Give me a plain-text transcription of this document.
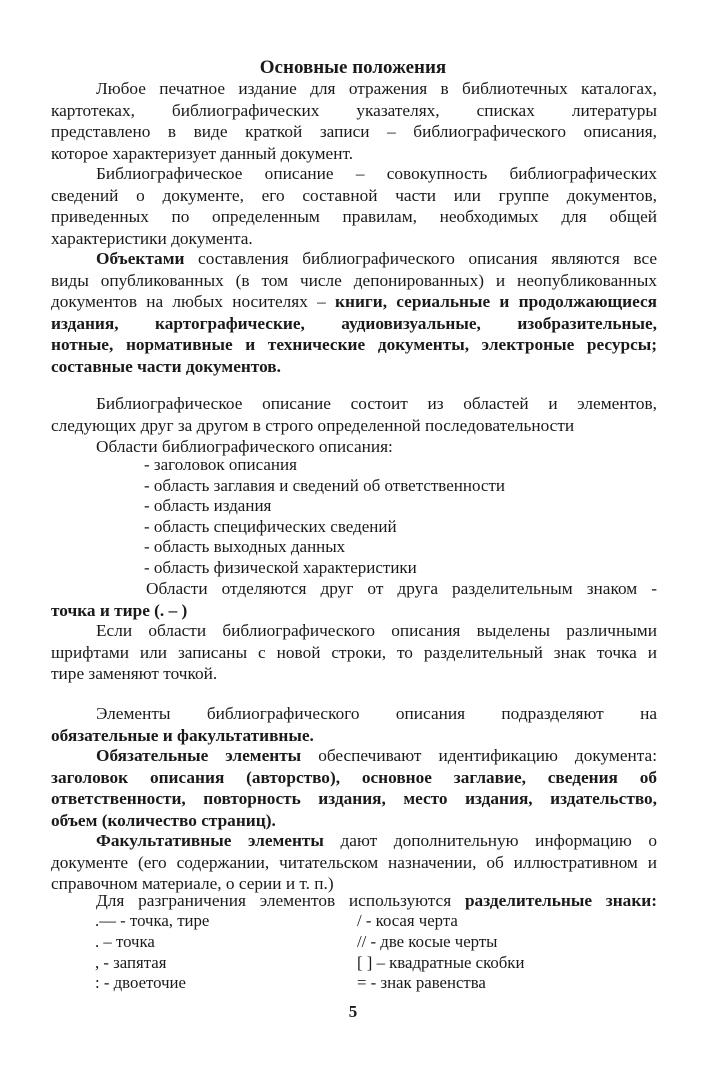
Основные положения

Любое печатное издание для отражения в библиотечных каталогах,

картотеках, библиографических указателях, списках литературы

представлено в виде краткой записи – библиографического описания,

которое характеризует данный документ.

Библиографическое описание – совокупность библиографических

сведений о документе, его составной части или группе документов,

приведенных по определенным правилам, необходимых для общей

характеристики документа.

Объектами составления библиографического описания являются все

виды опубликованных (в том числе депонированных) и неопубликованных

документов на любых носителях – книги, сериальные и продолжающиеся

издания, картографические, аудиовизуальные, изобразительные,

нотные, нормативные и технические документы, электроные ресурсы;

составные части документов.

Библиографическое описание состоит из областей и элементов,

следующих друг за другом в строго определенной последовательности

Области библиографического описания:

- заголовок описания
- область заглавия и сведений об ответственности
- область издания
- область специфических сведений
- область выходных данных
- область физической характеристики

Области отделяются друг от друга разделительным знаком -

точка и тире (. – )

Если области библиографического описания выделены различными

шрифтами или записаны с новой строки, то разделительный знак точка и

тире заменяют точкой.

Элементы библиографического описания подразделяют на

обязательные и факультативные.

Обязательные элементы обеспечивают идентификацию документа:

заголовок описания (авторство), основное заглавие, сведения об

ответственности, повторность издания, место издания, издательство,

объем (количество страниц).

Факультативные элементы дают дополнительную информацию о

документе (его содержании, читательском назначении, об иллюстративном и

справочном материале, о серии и т. п.)

Для разграничения элементов используются разделительные знаки:

.— - точка, тире
. – точка
, - запятая
: - двоеточие
/ - косая черта
// - две косые черты
[ ] – квадратные скобки
= - знак равенства
5
